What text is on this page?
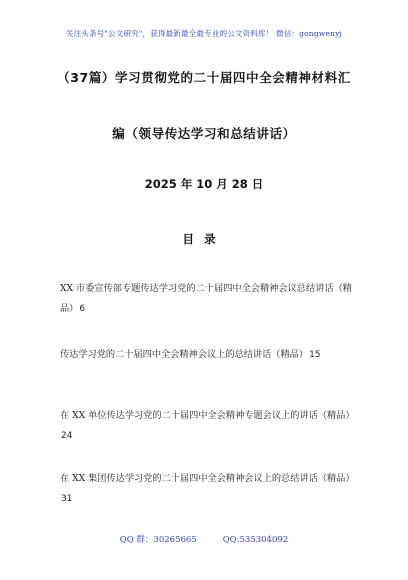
关注头条号"公文研究"，获得最新最全最专业的公文资料库！ 微信：gongwenyj
（37篇）学习贯彻党的二十届四中全会精神材料汇
编（领导传达学习和总结讲话）
2025 年 10 月 28 日
目录
XX 市委宣传部专题传达学习党的二十届四中全会精神会议总结讲话（精品）6
传达学习党的二十届四中全会精神会议上的总结讲话（精品）15
在 XX 单位传达学习党的二十届四中全会精神专题会议上的讲话（精品）24
在 XX 集团传达学习党的二十届四中全会精神会议上的总结讲话（精品）31
QQ 群：30265665	QQ:535304092
